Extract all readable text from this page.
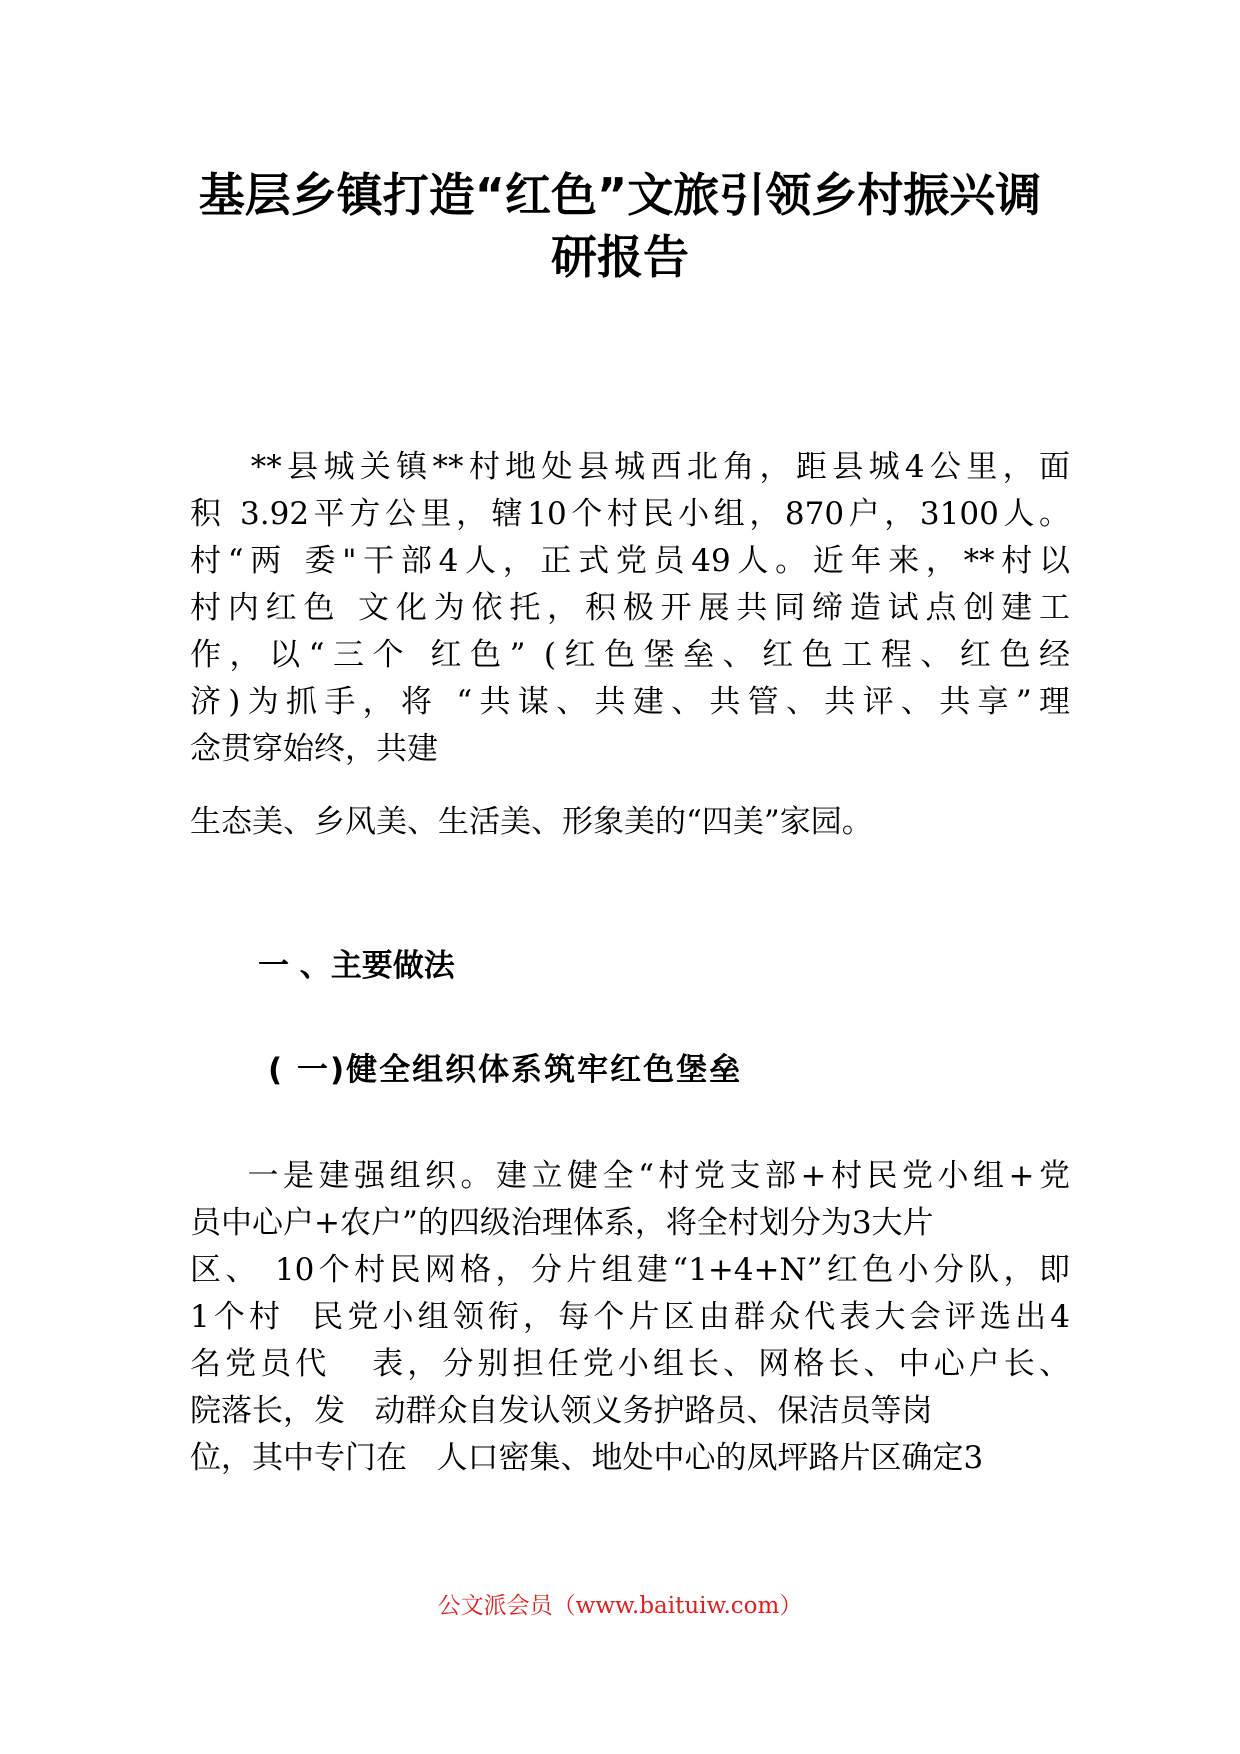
基层乡镇打造“红色”文旅引领乡村振兴调
研报告

**县城关镇**村地处县城西北角，距县城4公里，面

积 3.92平方公里，辖10个村民小组，870户，3100人。

村“两 委"干部4人，正式党员49人。近年来，**村以

村内红色 文化为依托，积极开展共同缔造试点创建工

作，以“三个 红色” (红色堡垒、红色工程、红色经

济)为抓手，将 “共谋、共建、共管、共评、共享”理

念贯穿始终，共建

生态美、乡风美、生活美、形象美的“四美”家园。

一 、主要做法

( 一)健全组织体系筑牢红色堡垒

一是建强组织。建立健全“村党支部+村民党小组+党

员中心户+农户”的四级治理体系，将全村划分为3大片

区、 10个村民网格，分片组建“1+4+N”红色小分队，即

1个村  民党小组领衔，每个片区由群众代表大会评选出4

名党员代   表，分别担任党小组长、网格长、中心户长、

院落长，发   动群众自发认领义务护路员、保洁员等岗

位，其中专门在   人口密集、地处中心的凤坪路片区确定3

公文派会员（www.baituiw.com）
